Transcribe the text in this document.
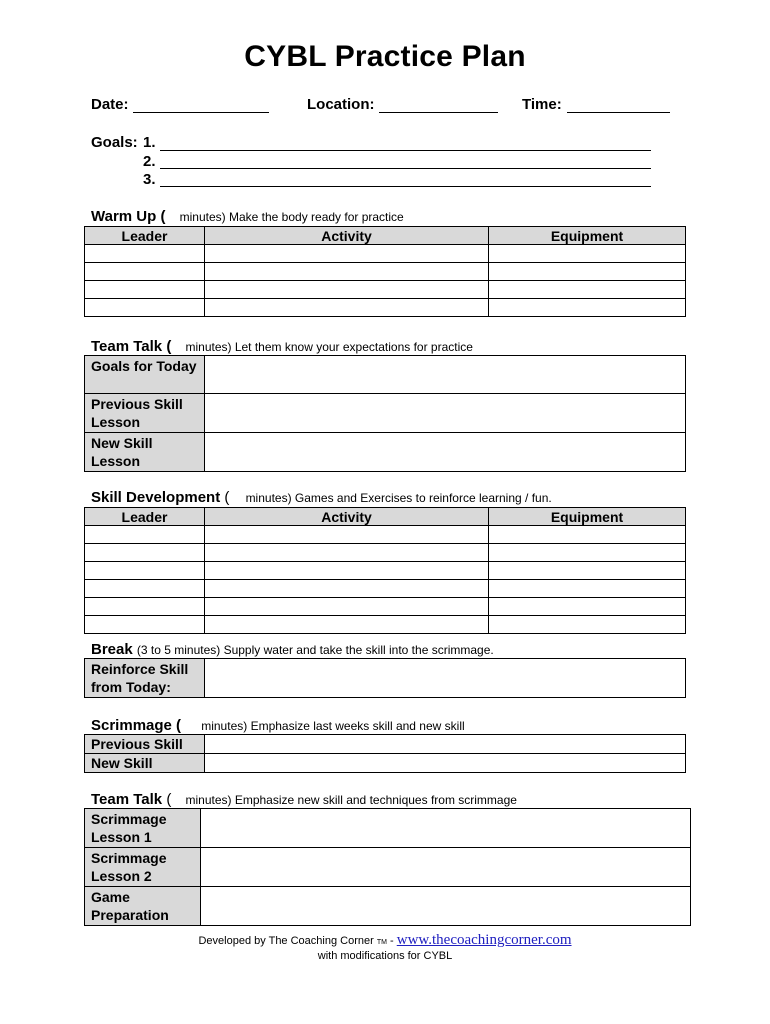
CYBL Practice Plan
Date:	Location:	Time:
Goals: 1.
2.
3.
Warm Up ( minutes) Make the body ready for practice
Leader	Activity	Equipment

Team Talk ( minutes) Let them know your expectations for practice
Goals for Today	
Previous Skill Lesson	
New Skill Lesson	
Skill Development ( minutes) Games and Exercises to reinforce learning / fun.
Leader	Activity	Equipment

Break (3 to 5 minutes) Supply water and take the skill into the scrimmage.
Reinforce Skill from Today:	
Scrimmage ( minutes) Emphasize last weeks skill and new skill
Previous Skill	
New Skill	
Team Talk ( minutes) Emphasize new skill and techniques from scrimmage
Scrimmage Lesson 1	
Scrimmage Lesson 2	
Game Preparation	
Developed by The Coaching Corner TM - www.thecoachingcorner.com
with modifications for CYBL
